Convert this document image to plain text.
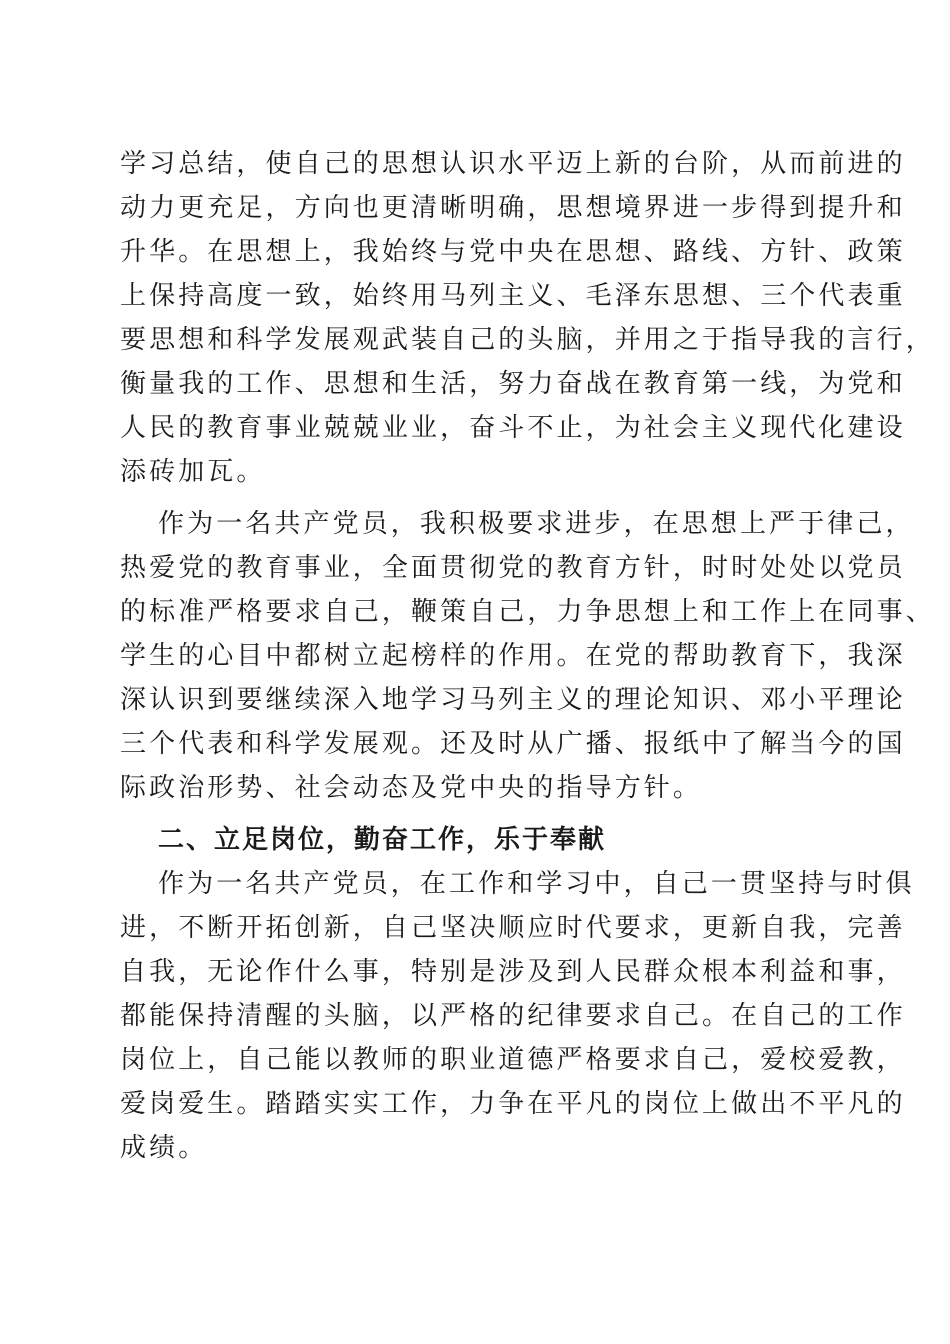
学习总结，使自己的思想认识水平迈上新的台阶，从而前进的
动力更充足，方向也更清晰明确，思想境界进一步得到提升和
升华。在思想上，我始终与党中央在思想、路线、方针、政策
上保持高度一致，始终用马列主义、毛泽东思想、三个代表重
要思想和科学发展观武装自己的头脑，并用之于指导我的言行，
衡量我的工作、思想和生活，努力奋战在教育第一线，为党和
人民的教育事业兢兢业业，奋斗不止，为社会主义现代化建设
添砖加瓦。
作为一名共产党员，我积极要求进步，在思想上严于律己，
热爱党的教育事业，全面贯彻党的教育方针，时时处处以党员
的标准严格要求自己，鞭策自己，力争思想上和工作上在同事、
学生的心目中都树立起榜样的作用。在党的帮助教育下，我深
深认识到要继续深入地学习马列主义的理论知识、邓小平理论
三个代表和科学发展观。还及时从广播、报纸中了解当今的国
际政治形势、社会动态及党中央的指导方针。
二、立足岗位，勤奋工作，乐于奉献
作为一名共产党员，在工作和学习中，自己一贯坚持与时俱
进，不断开拓创新，自己坚决顺应时代要求，更新自我，完善
自我，无论作什么事，特别是涉及到人民群众根本利益和事，
都能保持清醒的头脑，以严格的纪律要求自己。在自己的工作
岗位上，自己能以教师的职业道德严格要求自己，爱校爱教，
爱岗爱生。踏踏实实工作，力争在平凡的岗位上做出不平凡的
成绩。
